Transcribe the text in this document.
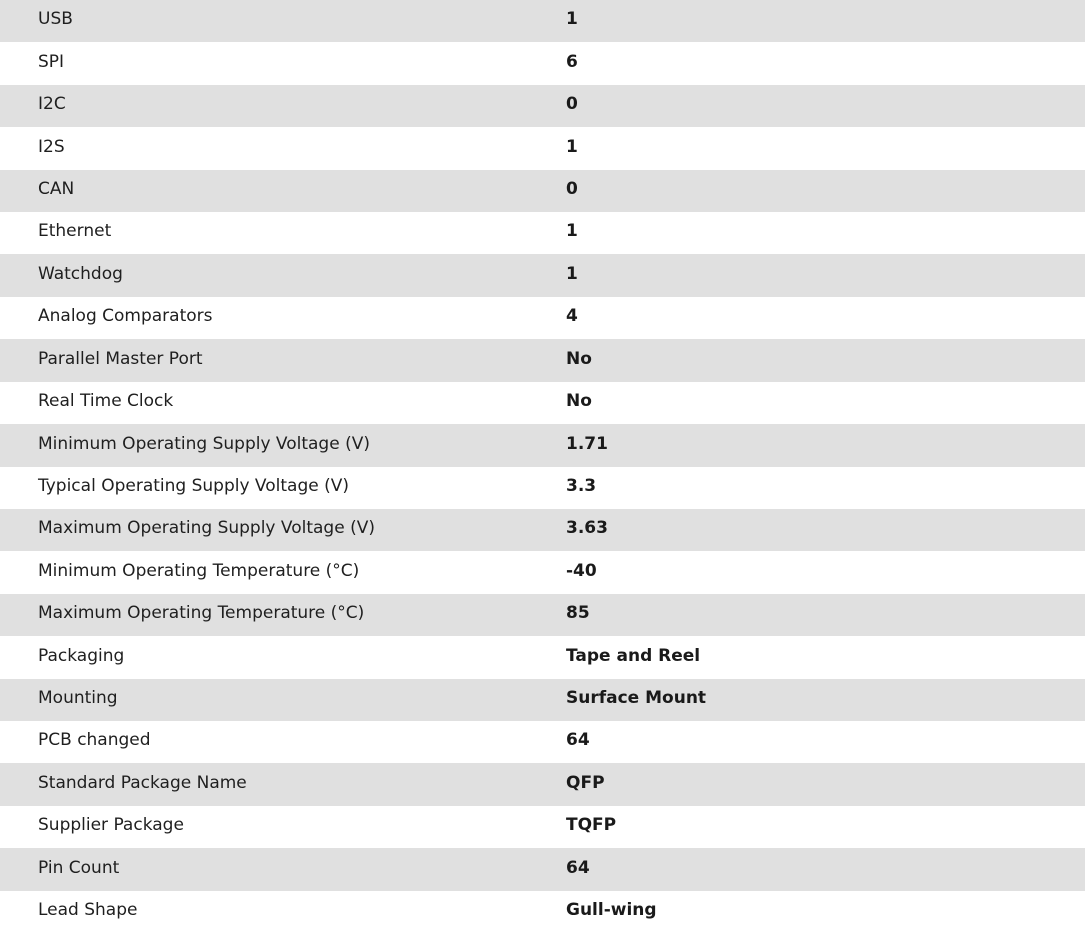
USB	1
SPI	6
I2C	0
I2S	1
CAN	0
Ethernet	1
Watchdog	1
Analog Comparators	4
Parallel Master Port	No
Real Time Clock	No
Minimum Operating Supply Voltage (V)	1.71
Typical Operating Supply Voltage (V)	3.3
Maximum Operating Supply Voltage (V)	3.63
Minimum Operating Temperature (°C)	-40
Maximum Operating Temperature (°C)	85
Packaging	Tape and Reel
Mounting	Surface Mount
PCB changed	64
Standard Package Name	QFP
Supplier Package	TQFP
Pin Count	64
Lead Shape	Gull-wing
